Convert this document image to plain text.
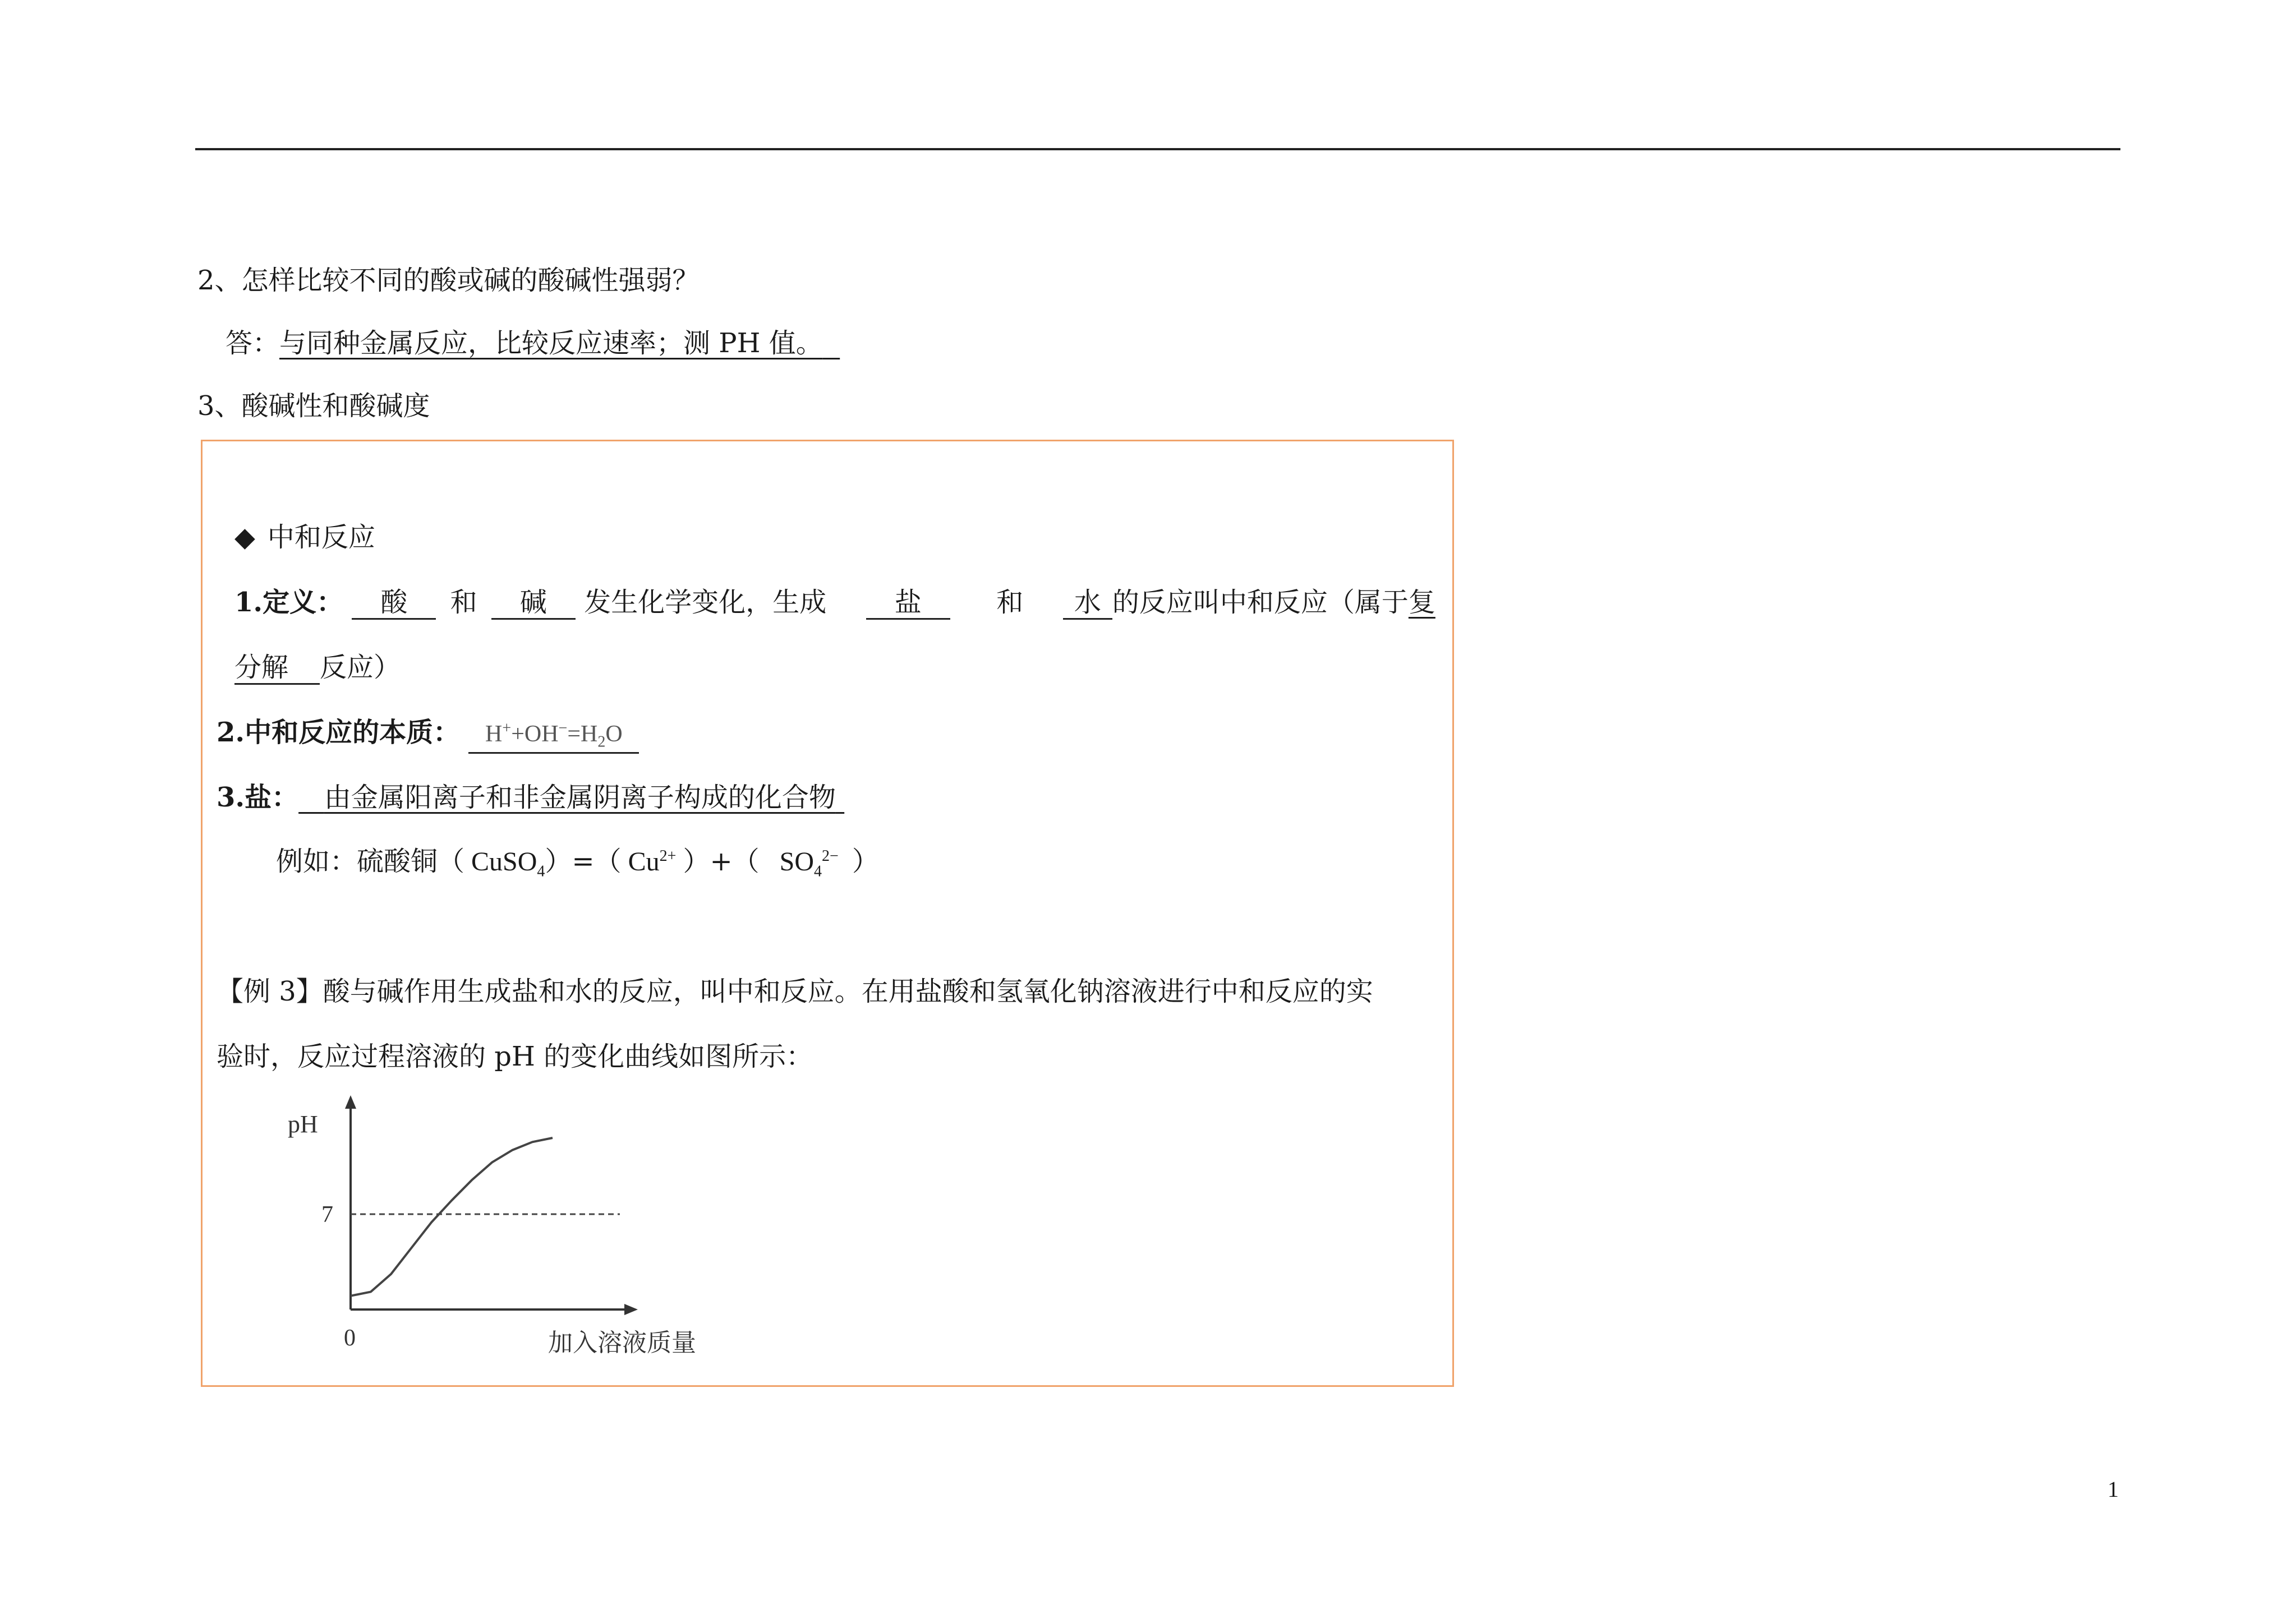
2、怎样比较不同的酸或碱的酸碱性强弱？
答：与同种金属反应，比较反应速率；测 PH 值。
3、酸碱性和酸碱度
◆ 中和反应
1.定义： 酸 和 碱 发生化学变化，生成	盐	和 水 的反应叫中和反应（属于复
分解 反应）
2.中和反应的本质： $H^++OH^-=H_2O$
3.盐： 由金属阳离子和非金属阴离子构成的化合物
例如：硫酸铜（ CuSO$_4$）=（ $Cu^{2+}$ ）+（ $SO_4^{2-}$ ）
【例 3】酸与碱作用生成盐和水的反应，叫中和反应。在用盐酸和氢氧化钠溶液进行中和反应的实
验时，反应过程溶液的 pH 的变化曲线如图所示：
pH
加入溶液质量
0
7
1
